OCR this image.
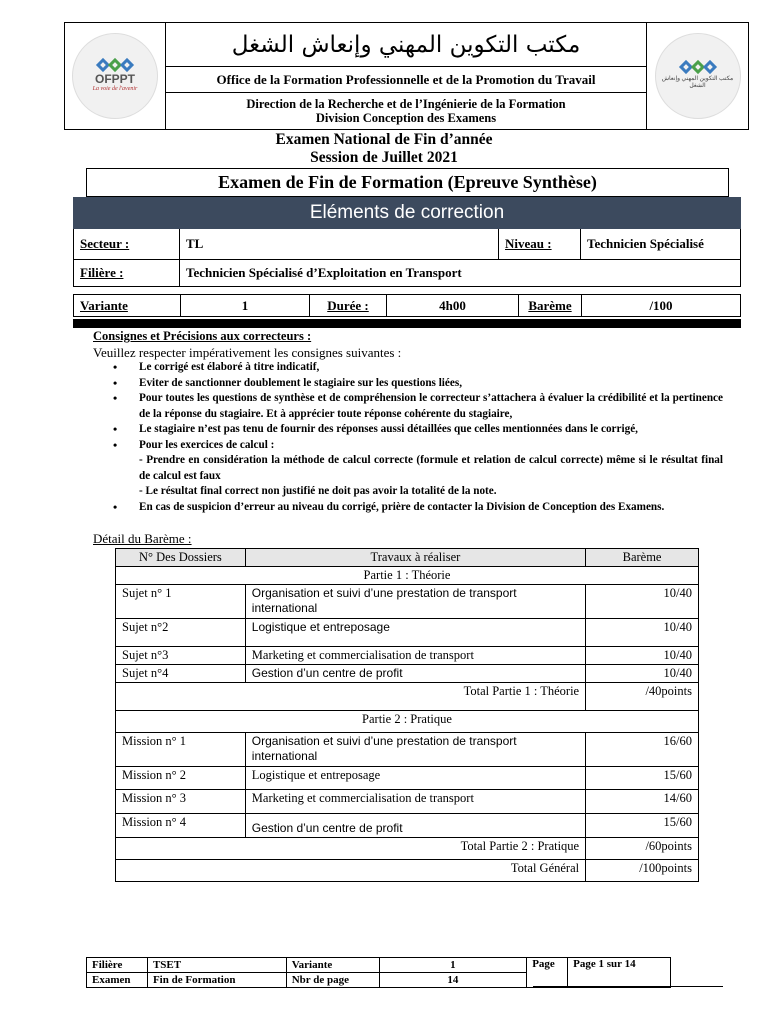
OFPPT
La voie de l'avenir
مكتب التكوين المهني وإنعاش الشغل
Office de la Formation Professionnelle et de la Promotion du Travail
Direction de la Recherche et de l’Ingénierie de la Formation
Division Conception des Examens
مكتب التكوين المهني وإنعاش الشغل
Examen National de Fin d’année
Session de Juillet 2021
Examen de Fin de Formation (Epreuve Synthèse)
Eléments de correction
Secteur :	TL	Niveau :	Technicien Spécialisé
Filière :	Technicien Spécialisé d’Exploitation en Transport
Variante	1	Durée :	4h00	Barème	/100
Consignes et Précisions aux correcteurs :
Veuillez respecter impérativement les consignes suivantes :
• Le corrigé est élaboré à titre indicatif,
• Eviter de sanctionner doublement le stagiaire sur les questions liées,
• Pour toutes les questions de synthèse et de compréhension le correcteur s’attachera à évaluer la crédibilité et la pertinence de la réponse du stagiaire. Et à apprécier toute réponse cohérente du stagiaire,
• Le stagiaire n’est pas tenu de fournir des réponses aussi détaillées que celles mentionnées dans le corrigé,
• Pour les exercices de calcul :
- Prendre en considération la méthode de calcul correcte (formule et relation de calcul correcte) même si le résultat final de calcul est faux
- Le résultat final correct non justifié ne doit pas avoir la totalité de la note.
• En cas de suspicion d’erreur au niveau du corrigé, prière de contacter la Division de Conception des Examens.
Détail du Barème :
N° Des Dossiers	Travaux à réaliser	Barème
Partie 1 : Théorie		
Sujet n° 1	Organisation et suivi d’une prestation de transport international	10/40
Sujet n°2	Logistique et entreposage	10/40
Sujet n°3	Marketing et commercialisation de transport	10/40
Sujet n°4	Gestion d’un centre de profit	10/40
Total Partie 1 : Théorie		/40points
Partie 2 : Pratique		
Mission n° 1	Organisation et suivi d’une prestation de transport international	16/60
Mission n° 2	Logistique et entreposage	15/60
Mission n° 3	Marketing et commercialisation de transport	14/60
Mission n° 4	Gestion d’un centre de profit	15/60
Total Partie 2 : Pratique		/60points
Total Général		/100points
Filière	TSET	Variante	1	Page	Page 1 sur 14
Examen	Fin de Formation	Nbr de page	14		
